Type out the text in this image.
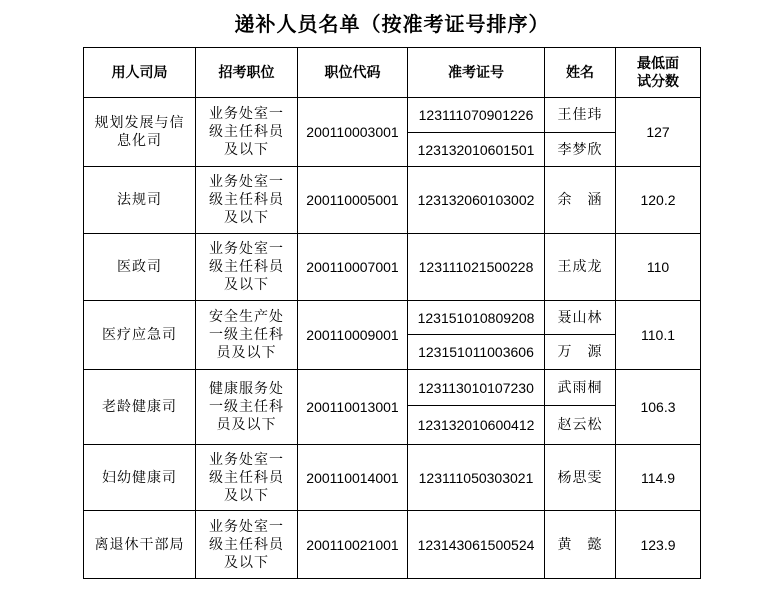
递补人员名单（按准考证号排序）
用人司局	招考职位	职位代码	准考证号	姓名	最低面
试分数
规划发展与信息化司	业务处室一级主任科员及以下	200110003001	123111070901226	王佳玮	127
			123132010601501	李梦欣	
法规司	业务处室一级主任科员及以下	200110005001	123132060103002	余　涵	120.2
医政司	业务处室一级主任科员及以下	200110007001	123111021500228	王成龙	110
医疗应急司	安全生产处一级主任科员及以下	200110009001	123151010809208	聂山林	110.1
			123151011003606	万　源	
老龄健康司	健康服务处一级主任科员及以下	200110013001	123113010107230	武雨桐	106.3
			123132010600412	赵云松	
妇幼健康司	业务处室一级主任科员及以下	200110014001	123111050303021	杨思雯	114.9
离退休干部局	业务处室一级主任科员及以下	200110021001	123143061500524	黄　懿	123.9
